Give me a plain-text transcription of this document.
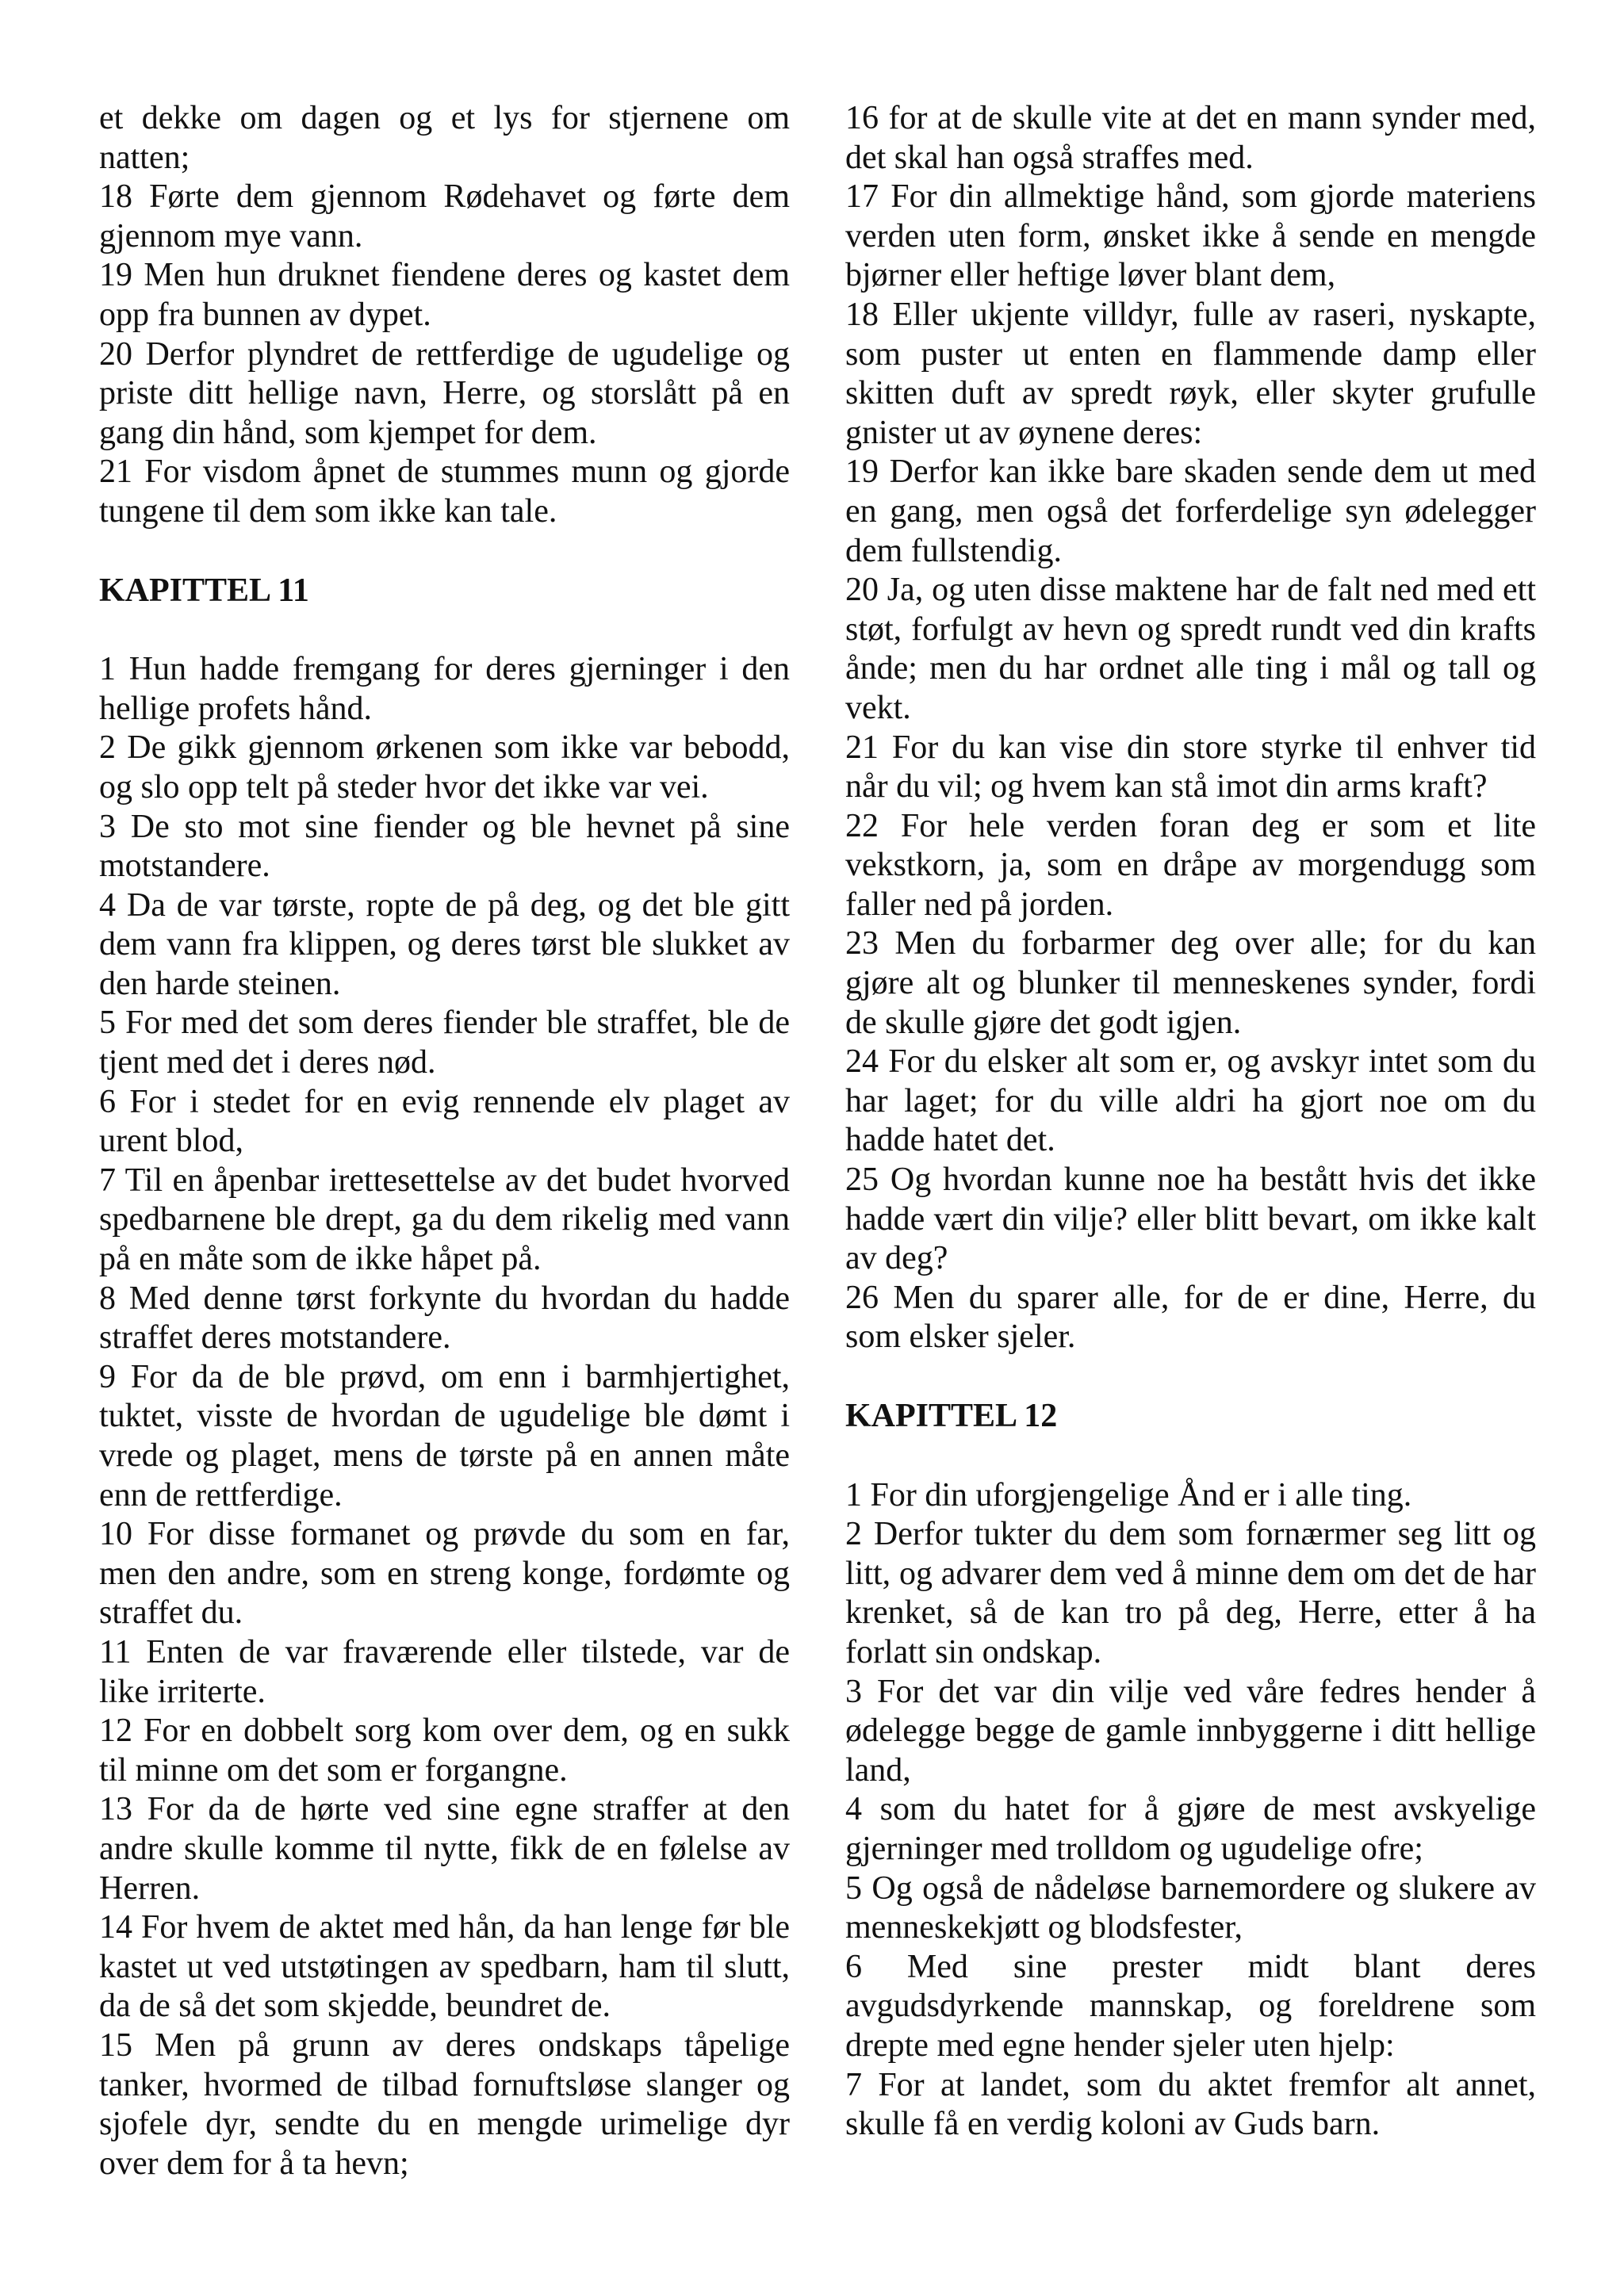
et dekke om dagen og et lys for stjernene om natten;

18 Førte dem gjennom Rødehavet og førte dem gjennom mye vann.

19 Men hun druknet fiendene deres og kastet dem opp fra bunnen av dypet.

20 Derfor plyndret de rettferdige de ugudelige og priste ditt hellige navn, Herre, og storslått på en gang din hånd, som kjempet for dem.

21 For visdom åpnet de stummes munn og gjorde tungene til dem som ikke kan tale.

KAPITTEL 11

1 Hun hadde fremgang for deres gjerninger i den hellige profets hånd.

2 De gikk gjennom ørkenen som ikke var bebodd, og slo opp telt på steder hvor det ikke var vei.

3 De sto mot sine fiender og ble hevnet på sine motstandere.

4 Da de var tørste, ropte de på deg, og det ble gitt dem vann fra klippen, og deres tørst ble slukket av den harde steinen.

5 For med det som deres fiender ble straffet, ble de tjent med det i deres nød.

6 For i stedet for en evig rennende elv plaget av urent blod,

7 Til en åpenbar irettesettelse av det budet hvorved spedbarnene ble drept, ga du dem rikelig med vann på en måte som de ikke håpet på.

8 Med denne tørst forkynte du hvordan du hadde straffet deres motstandere.

9 For da de ble prøvd, om enn i barmhjertighet, tuktet, visste de hvordan de ugudelige ble dømt i vrede og plaget, mens de tørste på en annen måte enn de rettferdige.

10 For disse formanet og prøvde du som en far, men den andre, som en streng konge, fordømte og straffet du.

11 Enten de var fraværende eller tilstede, var de like irriterte.

12 For en dobbelt sorg kom over dem, og en sukk til minne om det som er forgangne.

13 For da de hørte ved sine egne straffer at den andre skulle komme til nytte, fikk de en følelse av Herren.

14 For hvem de aktet med hån, da han lenge før ble kastet ut ved utstøtingen av spedbarn, ham til slutt, da de så det som skjedde, beundret de.

15 Men på grunn av deres ondskaps tåpelige tanker, hvormed de tilbad fornuftsløse slanger og sjofele dyr, sendte du en mengde urimelige dyr over dem for å ta hevn;

16 for at de skulle vite at det en mann synder med, det skal han også straffes med.

17 For din allmektige hånd, som gjorde materiens verden uten form, ønsket ikke å sende en mengde bjørner eller heftige løver blant dem,

18 Eller ukjente villdyr, fulle av raseri, nyskapte, som puster ut enten en flammende damp eller skitten duft av spredt røyk, eller skyter grufulle gnister ut av øynene deres:

19 Derfor kan ikke bare skaden sende dem ut med en gang, men også det forferdelige syn ødelegger dem fullstendig.

20 Ja, og uten disse maktene har de falt ned med ett støt, forfulgt av hevn og spredt rundt ved din krafts ånde; men du har ordnet alle ting i mål og tall og vekt.

21 For du kan vise din store styrke til enhver tid når du vil; og hvem kan stå imot din arms kraft?

22 For hele verden foran deg er som et lite vekstkorn, ja, som en dråpe av morgendugg som faller ned på jorden.

23 Men du forbarmer deg over alle; for du kan gjøre alt og blunker til menneskenes synder, fordi de skulle gjøre det godt igjen.

24 For du elsker alt som er, og avskyr intet som du har laget; for du ville aldri ha gjort noe om du hadde hatet det.

25 Og hvordan kunne noe ha bestått hvis det ikke hadde vært din vilje? eller blitt bevart, om ikke kalt av deg?

26 Men du sparer alle, for de er dine, Herre, du som elsker sjeler.

KAPITTEL 12

1 For din uforgjengelige Ånd er i alle ting.

2 Derfor tukter du dem som fornærmer seg litt og litt, og advarer dem ved å minne dem om det de har krenket, så de kan tro på deg, Herre, etter å ha forlatt sin ondskap.

3 For det var din vilje ved våre fedres hender å ødelegge begge de gamle innbyggerne i ditt hellige land,

4 som du hatet for å gjøre de mest avskyelige gjerninger med trolldom og ugudelige ofre;

5 Og også de nådeløse barnemordere og slukere av menneskekjøtt og blodsfester,

6 Med sine prester midt blant deres avgudsdyrkende mannskap, og foreldrene som drepte med egne hender sjeler uten hjelp:

7 For at landet, som du aktet fremfor alt annet, skulle få en verdig koloni av Guds barn.
